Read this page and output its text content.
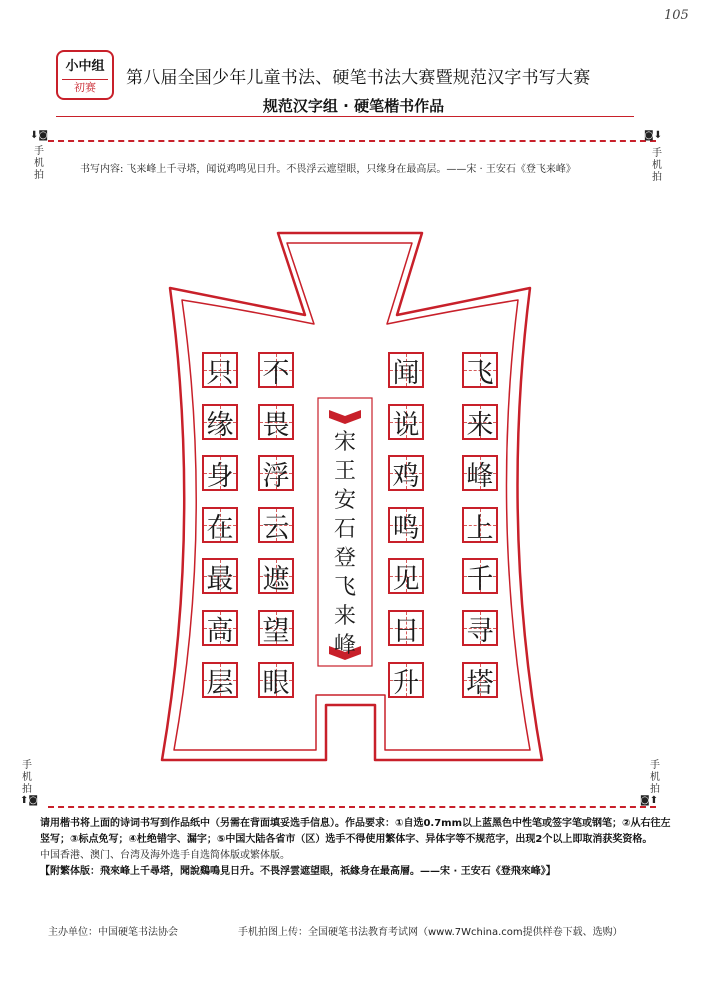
105
小中组
初赛	第八届全国少年儿童书法、硬笔书法大赛暨规范汉字书写大赛
规范汉字组 · 硬笔楷书作品
⬇◙
手机拍
◙⬇
手机拍
书写内容: 飞来峰上千寻塔，闻说鸡鸣见日升。不畏浮云遮望眼，只缘身在最高层。——宋 · 王安石《登飞来峰》
宋
王
安
石
登
飞
来
峰
飞
来
峰
上
千
寻
塔
闻
说
鸡
鸣
见
日
升
不
畏
浮
云
遮
望
眼
只
缘
身
在
最
高
层
手机拍
⬆◙
手机拍
◙⬆
请用楷书将上面的诗词书写到作品纸中（另需在背面填妥选手信息）。作品要求：①自选0.7mm以上蓝黑色中性笔或签字笔或钢笔；②从右往左竖写；③标点免写；④杜绝错字、漏字；⑤中国大陆各省市（区）选手不得使用繁体字、异体字等不规范字，出现2个以上即取消获奖资格。
中国香港、澳门、台湾及海外选手自选简体版或繁体版。
【附繁体版：飛來峰上千尋塔，聞說鷄鳴見日升。不畏浮雲遮望眼，祇緣身在最高層。——宋 · 王安石《登飛來峰》】
主办单位：中国硬笔书法协会	手机拍图上传：全国硬笔书法教育考试网（www.7Wchina.com提供样卷下载、选购）
